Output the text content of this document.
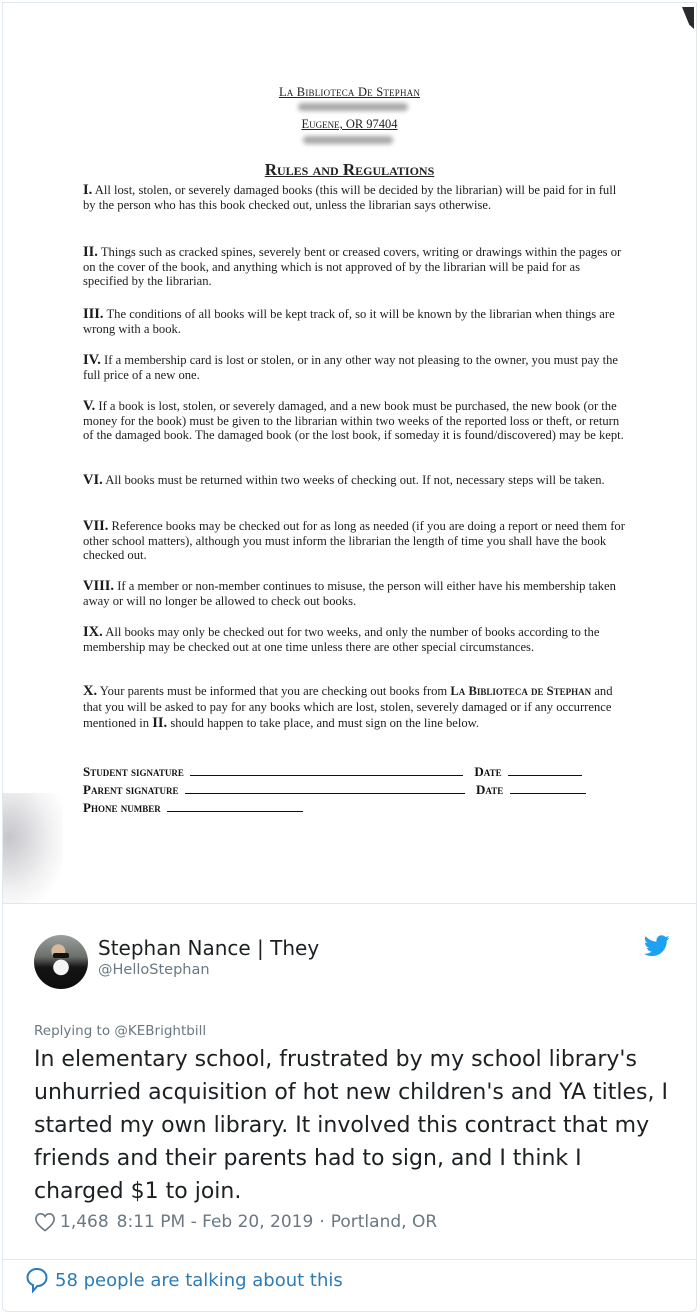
La Biblioteca De Stephan
Eugene, OR 97404
Rules and Regulations
I. All lost, stolen, or severely damaged books (this will be decided by the librarian) will be paid for in full by the person who has this book checked out, unless the librarian says otherwise.
II. Things such as cracked spines, severely bent or creased covers, writing or drawings within the pages or on the cover of the book, and anything which is not approved of by the librarian will be paid for as specified by the librarian.
III. The conditions of all books will be kept track of, so it will be known by the librarian when things are wrong with a book.
IV. If a membership card is lost or stolen, or in any other way not pleasing to the owner, you must pay the full price of a new one.
V. If a book is lost, stolen, or severely damaged, and a new book must be purchased, the new book (or the money for the book) must be given to the librarian within two weeks of the reported loss or theft, or return of the damaged book. The damaged book (or the lost book, if someday it is found/discovered) may be kept.
VI. All books must be returned within two weeks of checking out. If not, necessary steps will be taken.
VII. Reference books may be checked out for as long as needed (if you are doing a report or need them for other school matters), although you must inform the librarian the length of time you shall have the book checked out.
VIII. If a member or non-member continues to misuse, the person will either have his membership taken away or will no longer be allowed to check out books.
IX. All books may only be checked out for two weeks, and only the number of books according to the membership may be checked out at one time unless there are other special circumstances.
X. Your parents must be informed that you are checking out books from La Biblioteca de Stephan and that you will be asked to pay for any books which are lost, stolen, severely damaged or if any occurrence mentioned in II. should happen to take place, and must sign on the line below.
Student signature	Date
Parent signature	Date
Phone number
Stephan Nance | They
@HelloStephan
Replying to @KEBrightbill
In elementary school, frustrated by my school library's unhurried acquisition of hot new children's and YA titles, I started my own library. It involved this contract that my friends and their parents had to sign, and I think I charged $1 to join.
1,468 8:11 PM - Feb 20, 2019 · Portland, OR
58 people are talking about this
